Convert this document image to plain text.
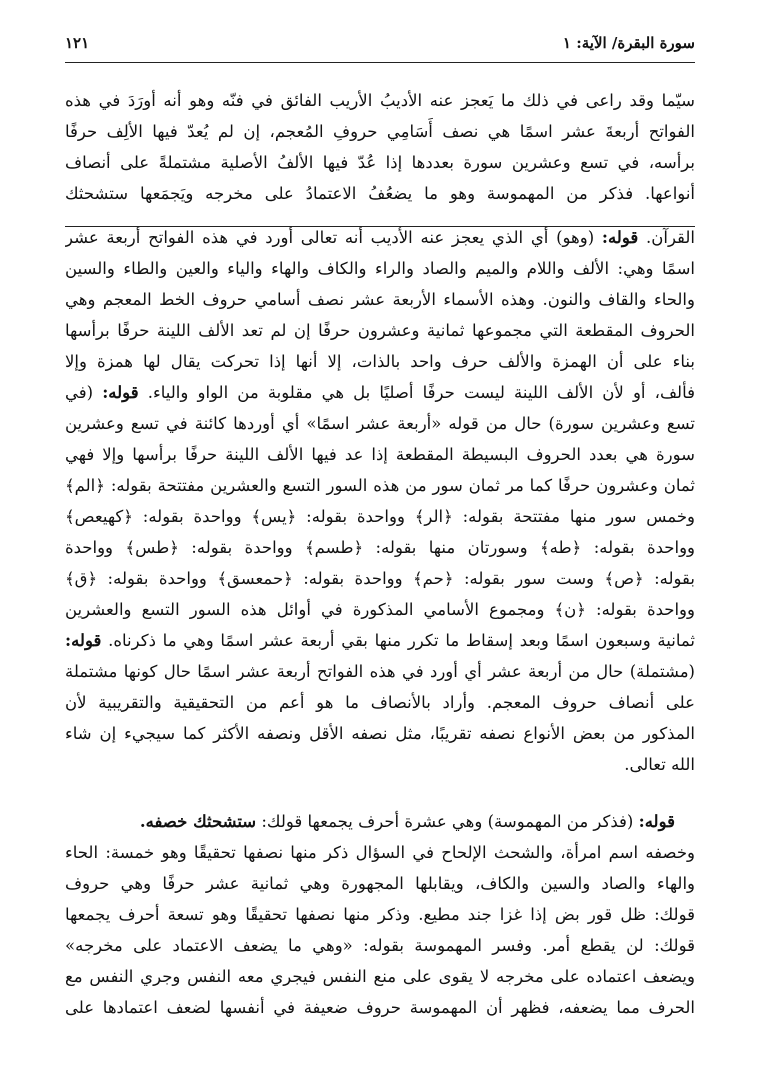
سورة البقرة/ الآية: ١
١٢١
سيّما وقد راعى في ذلك ما يَعجز عنه الأديبُ الأريب الفائق في فنّه وهو أنه أورَدَ في هذه
الفواتح أربعةَ عشر اسمًا هي نصف أَسَامِي حروفِ المُعجم، إن لم يُعدّ فيها الألِف حرفًا
برأسه، في تسع وعشرين سورة بعددها إذا عُدّ فيها الألفُ الأصلية مشتملةً على أنصاف
أنواعها. فذكر من المهموسة وهو ما يضعُفُ الاعتمادُ على مخرجه ويَجمَعها ستشحثك
القرآن. قوله: (وهو) أي الذي يعجز عنه الأديب أنه تعالى أورد في هذه الفواتح أربعة عشر
اسمًا وهي: الألف واللام والميم والصاد والراء والكاف والهاء والياء والعين والطاء والسين
والحاء والقاف والنون. وهذه الأسماء الأربعة عشر نصف أسامي حروف الخط المعجم وهي
الحروف المقطعة التي مجموعها ثمانية وعشرون حرفًا إن لم تعد الألف اللينة حرفًا برأسها
بناء على أن الهمزة والألف حرف واحد بالذات، إلا أنها إذا تحركت يقال لها همزة وإلا
فألف، أو لأن الألف اللينة ليست حرفًا أصليًا بل هي مقلوبة من الواو والياء. قوله: (في
تسع وعشرين سورة) حال من قوله «أربعة عشر اسمًا» أي أوردها كائنة في تسع وعشرين
سورة هي بعدد الحروف البسيطة المقطعة إذا عد فيها الألف اللينة حرفًا برأسها وإلا فهي
ثمان وعشرون حرفًا كما مر ثمان سور من هذه السور التسع والعشرين مفتتحة بقوله: ﴿الم﴾
وخمس سور منها مفتتحة بقوله: ﴿الر﴾ وواحدة بقوله: ﴿يس﴾ وواحدة بقوله: ﴿كهيعص﴾
وواحدة بقوله: ﴿طه﴾ وسورتان منها بقوله: ﴿طسم﴾ وواحدة بقوله: ﴿طس﴾ وواحدة
بقوله: ﴿ص﴾ وست سور بقوله: ﴿حم﴾ وواحدة بقوله: ﴿حمعسق﴾ وواحدة بقوله: ﴿ق﴾
وواحدة بقوله: ﴿ن﴾ ومجموع الأسامي المذكورة في أوائل هذه السور التسع والعشرين
ثمانية وسبعون اسمًا وبعد إسقاط ما تكرر منها بقي أربعة عشر اسمًا وهي ما ذكرناه. قوله:
(مشتملة) حال من أربعة عشر أي أورد في هذه الفواتح أربعة عشر اسمًا حال كونها مشتملة
على أنصاف حروف المعجم. وأراد بالأنصاف ما هو أعم من التحقيقية والتقريبية لأن
المذكور من بعض الأنواع نصفه تقريبًا، مثل نصفه الأقل ونصفه الأكثر كما سيجيء إن شاء
الله تعالى.
قوله: (فذكر من المهموسة) وهي عشرة أحرف يجمعها قولك: ستشحثك خصفه.
وخصفه اسم امرأة، والشحث الإلحاح في السؤال ذكر منها نصفها تحقيقًا وهو خمسة: الحاء
والهاء والصاد والسين والكاف، ويقابلها المجهورة وهي ثمانية عشر حرفًا وهي حروف
قولك: ظل قور بض إذا غزا جند مطيع. وذكر منها نصفها تحقيقًا وهو تسعة أحرف يجمعها
قولك: لن يقطع أمر. وفسر المهموسة بقوله: «وهي ما يضعف الاعتماد على مخرجه»
ويضعف اعتماده على مخرجه لا يقوى على منع النفس فيجري معه النفس وجري النفس مع
الحرف مما يضعفه، فظهر أن المهموسة حروف ضعيفة في أنفسها لضعف اعتمادها على
